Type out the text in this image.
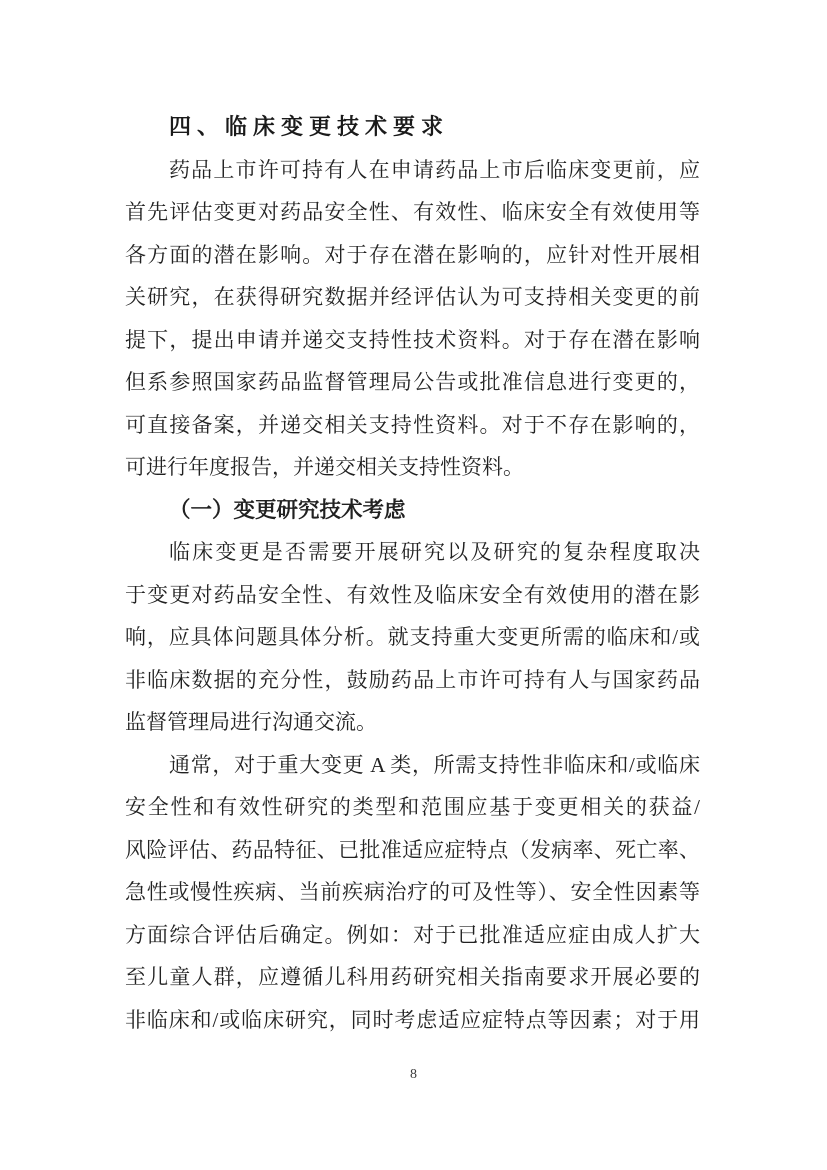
四、临床变更技术要求
药品上市许可持有人在申请药品上市后临床变更前，应
首先评估变更对药品安全性、有效性、临床安全有效使用等
各方面的潜在影响。对于存在潜在影响的，应针对性开展相
关研究，在获得研究数据并经评估认为可支持相关变更的前
提下，提出申请并递交支持性技术资料。对于存在潜在影响
但系参照国家药品监督管理局公告或批准信息进行变更的，
可直接备案，并递交相关支持性资料。对于不存在影响的，
可进行年度报告，并递交相关支持性资料。
（一）变更研究技术考虑
临床变更是否需要开展研究以及研究的复杂程度取决
于变更对药品安全性、有效性及临床安全有效使用的潜在影
响，应具体问题具体分析。就支持重大变更所需的临床和/或
非临床数据的充分性，鼓励药品上市许可持有人与国家药品
监督管理局进行沟通交流。
通常，对于重大变更 A 类，所需支持性非临床和/或临床
安全性和有效性研究的类型和范围应基于变更相关的获益/
风险评估、药品特征、已批准适应症特点（发病率、死亡率、
急性或慢性疾病、当前疾病治疗的可及性等）、安全性因素等
方面综合评估后确定。例如：对于已批准适应症由成人扩大
至儿童人群，应遵循儿科用药研究相关指南要求开展必要的
非临床和/或临床研究，同时考虑适应症特点等因素；对于用
8
